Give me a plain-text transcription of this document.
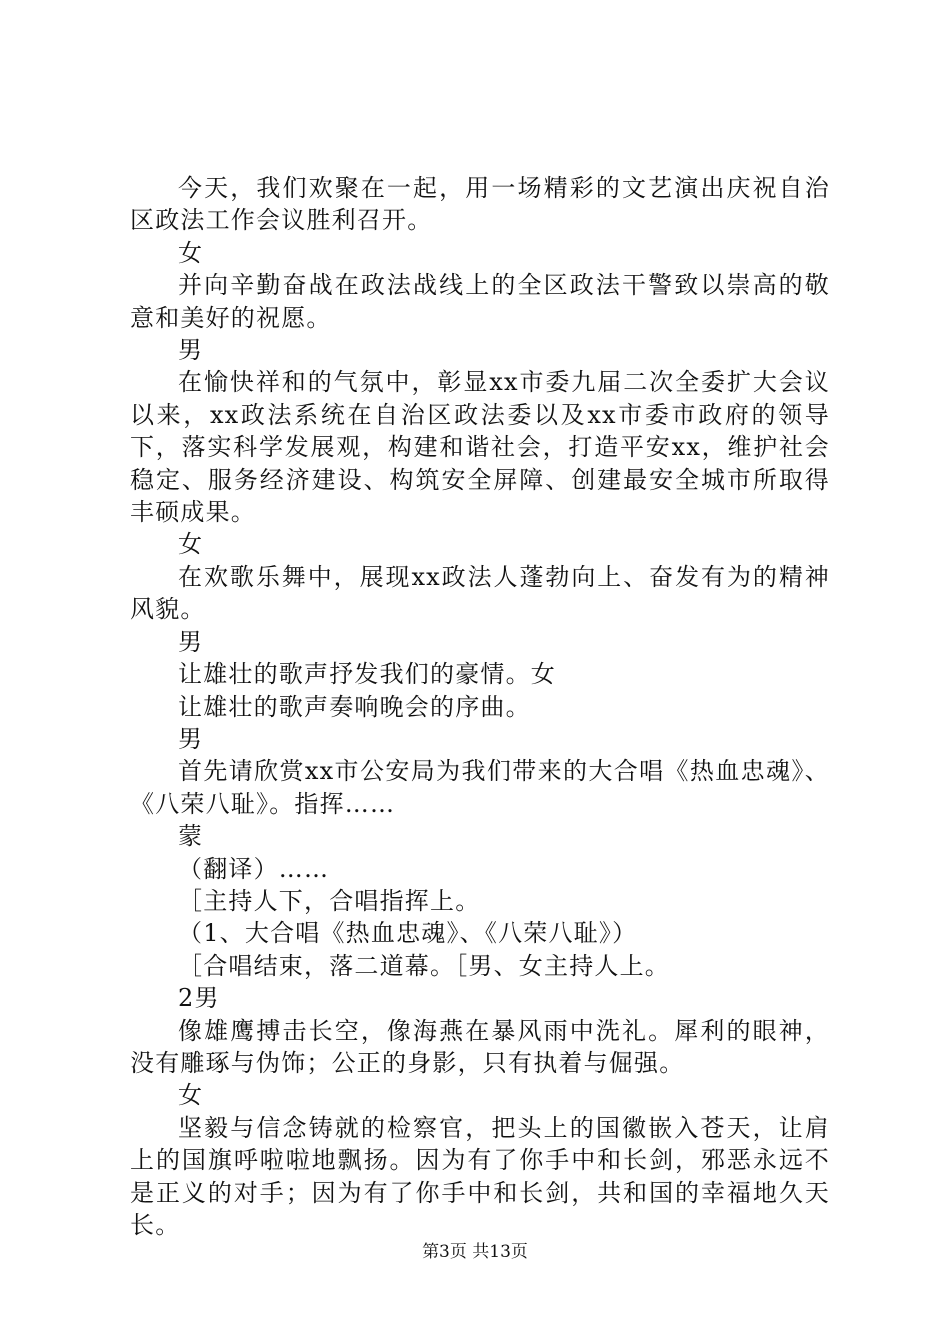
今天，我们欢聚在一起，用一场精彩的文艺演出庆祝自治区政法工作会议胜利召开。

女

并向辛勤奋战在政法战线上的全区政法干警致以崇高的敬意和美好的祝愿。

男

在愉快祥和的气氛中，彰显xx市委九届二次全委扩大会议以来，xx政法系统在自治区政法委以及xx市委市政府的领导下，落实科学发展观，构建和谐社会，打造平安xx，维护社会稳定、服务经济建设、构筑安全屏障、创建最安全城市所取得丰硕成果。

女

在欢歌乐舞中，展现xx政法人蓬勃向上、奋发有为的精神风貌。

男

让雄壮的歌声抒发我们的豪情。女

让雄壮的歌声奏响晚会的序曲。

男

首先请欣赏xx市公安局为我们带来的大合唱《热血忠魂》、《八荣八耻》。指挥……

蒙

（翻译）……

［主持人下，合唱指挥上。

（1、大合唱《热血忠魂》、《八荣八耻》）

［合唱结束，落二道幕。［男、女主持人上。

2男

像雄鹰搏击长空，像海燕在暴风雨中洗礼。犀利的眼神，没有雕琢与伪饰；公正的身影，只有执着与倔强。

女

坚毅与信念铸就的检察官，把头上的国徽嵌入苍天，让肩上的国旗呼啦啦地飘扬。因为有了你手中和长剑，邪恶永远不是正义的对手；因为有了你手中和长剑，共和国的幸福地久天长。

第3页 共13页
